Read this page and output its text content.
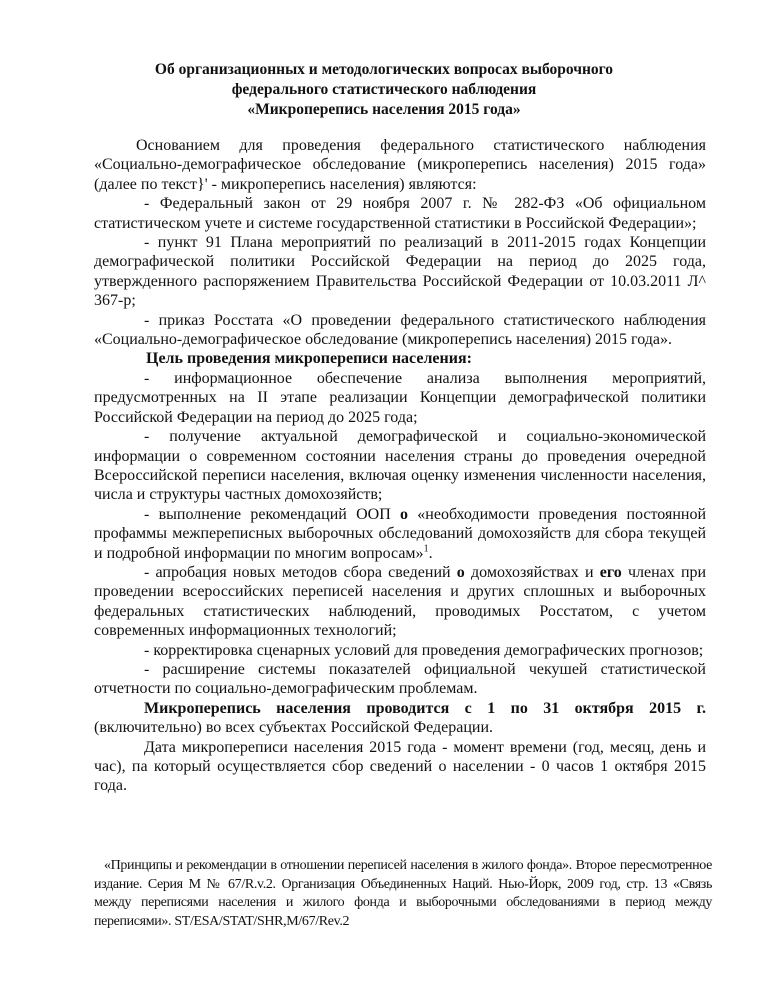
Об организационных и методологических вопросах выборочного
федерального статистического наблюдения
«Микроперепись населения 2015 года»
Основанием для проведения федерального статистического наблюдения «Социально-демографическое обследование (микроперепись населения) 2015 года» (далее по текст}' - микроперепись населения) являются:
- Федеральный закон от 29 ноября 2007 г. № 282-ФЗ «Об официальном статистическом учете и системе государственной статистики в Российской Федерации»;
- пункт 91 Плана мероприятий по реализаций в 2011-2015 годах Концепции демографической политики Российской Федерации на период до 2025 года, утвержденного распоряжением Правительства Российской Федерации от 10.03.2011 Л^ 367-р;
- приказ Росстата «О проведении федерального статистического наблюдения «Социально-демографическое обследование (микроперепись населения) 2015 года».
Цель проведения микропереписи населения:
- информационное обеспечение анализа выполнения мероприятий, предусмотренных на II этапе реализации Концепции демографической политики Российской Федерации на период до 2025 года;
- получение актуальной демографической и социально-экономической информации о современном состоянии населения страны до проведения очередной Всероссийской переписи населения, включая оценку изменения численности населения, числа и структуры частных домохозяйств;
- выполнение рекомендаций ООП о «необходимости проведения постоянной профаммы межпереписных выборочных обследований домохозяйств для сбора текущей и подробной информации по многим вопросам»$^1$.
- апробация новых методов сбора сведений о домохозяйствах и его членах при проведении всероссийских переписей населения и других сплошных и выборочных федеральных статистических наблюдений, проводимых Росстатом, с учетом современных информационных технологий;
- корректировка сценарных условий для проведения демографических прогнозов;
- расширение системы показателей официальной чекушей статистической отчетности по социально-демографическим проблемам.
Микроперепись населения проводится с 1 по 31 октября 2015 г. (включительно) во всех субъектах Российской Федерации.
Дата микропереписи населения 2015 года - момент времени (год, месяц, день и час), па который осуществляется сбор сведений о населении - 0 часов 1 октября 2015 года.

«Принципы и рекомендации в отношении переписей населения в жилого фонда». Второе пересмотренное издание. Серия М № 67/R.v.2. Организация Объединенных Наций. Нью-Йорк, 2009 год, стр. 13 «Связь между переписями населения и жилого фонда и выборочными обследованиями в период между переписями». ST/ESA/STAT/SHR,M/67/Rev.2
